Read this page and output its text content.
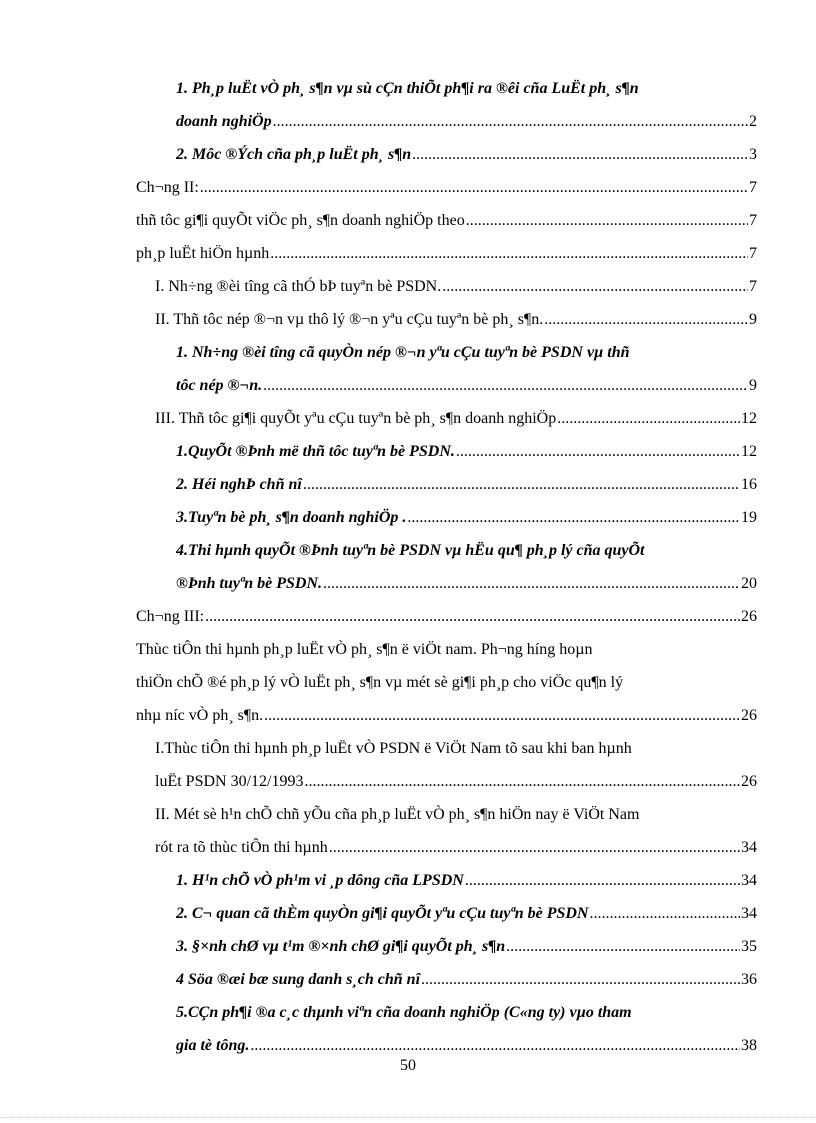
1. Ph¸p luËt vÒ ph¸ s¶n vµ sù cÇn thiÕt ph¶i ra ®êi cña LuËt ph¸ s¶n
doanh nghiÖp .....	2
2. Môc ®Ých cña ph¸p luËt ph¸ s¶n .....	3
Ch¬ng II: .....	7
thñ tôc gi¶i quyÕt viÖc ph¸ s¶n doanh nghiÖp theo .....	7
ph¸p luËt hiÖn hµnh .....	7
I. Nh÷ng ®èi tîng cã thÓ bÞ tuyªn bè PSDN. .....	7
II. Thñ tôc nép ®¬n vµ thô lý ®¬n yªu cÇu tuyªn bè ph¸ s¶n. .....	9
1. Nh÷ng ®èi tîng cã quyÒn nép ®¬n yªu cÇu tuyªn bè PSDN vµ thñ
tôc nép ®¬n. .....	9
III. Thñ tôc gi¶i quyÕt yªu cÇu tuyªn bè ph¸ s¶n doanh nghiÖp .....	12
1.QuyÕt ®Þnh më thñ tôc tuyªn bè PSDN. .....	12
2. Héi nghÞ chñ nî .....	16
3.Tuyªn bè ph¸ s¶n doanh nghiÖp . .....	19
4.Thi hµnh quyÕt ®Þnh tuyªn bè PSDN vµ hËu qu¶ ph¸p lý cña quyÕt
®Þnh tuyªn bè PSDN. .....	20
Ch¬ng III: .....	26
Thùc tiÔn thi hµnh ph¸p luËt vÒ ph¸ s¶n ë viÖt nam. Ph¬ng híng hoµn
thiÖn chÕ ®é ph¸p lý vÒ luËt ph¸ s¶n vµ mét sè gi¶i ph¸p cho viÖc qu¶n lý
nhµ níc vÒ ph¸ s¶n. .....	26
I.Thùc tiÔn thi hµnh ph¸p luËt vÒ PSDN ë ViÖt Nam tõ sau khi ban hµnh
luËt PSDN 30/12/1993 .....	26
II. Mét sè h¹n chÕ chñ yÕu cña ph¸p luËt vÒ ph¸ s¶n hiÖn nay ë ViÖt Nam
rót ra tõ thùc tiÔn thi hµnh .....	34
1. H¹n chÕ vÒ ph¹m vi ¸p dông cña LPSDN .....	34
2. C¬ quan cã thÈm quyÒn gi¶i quyÕt yªu cÇu tuyªn bè PSDN .....	34
3. §×nh chØ vµ t¹m ®×nh chØ gi¶i quyÕt ph¸ s¶n .....	35
4 Söa ®æi bæ sung danh s¸ch chñ nî .....	36
5.CÇn ph¶i ®a c¸c thµnh viªn cña doanh nghiÖp (C«ng ty) vµo tham
gia tè tông. .....	38
50
